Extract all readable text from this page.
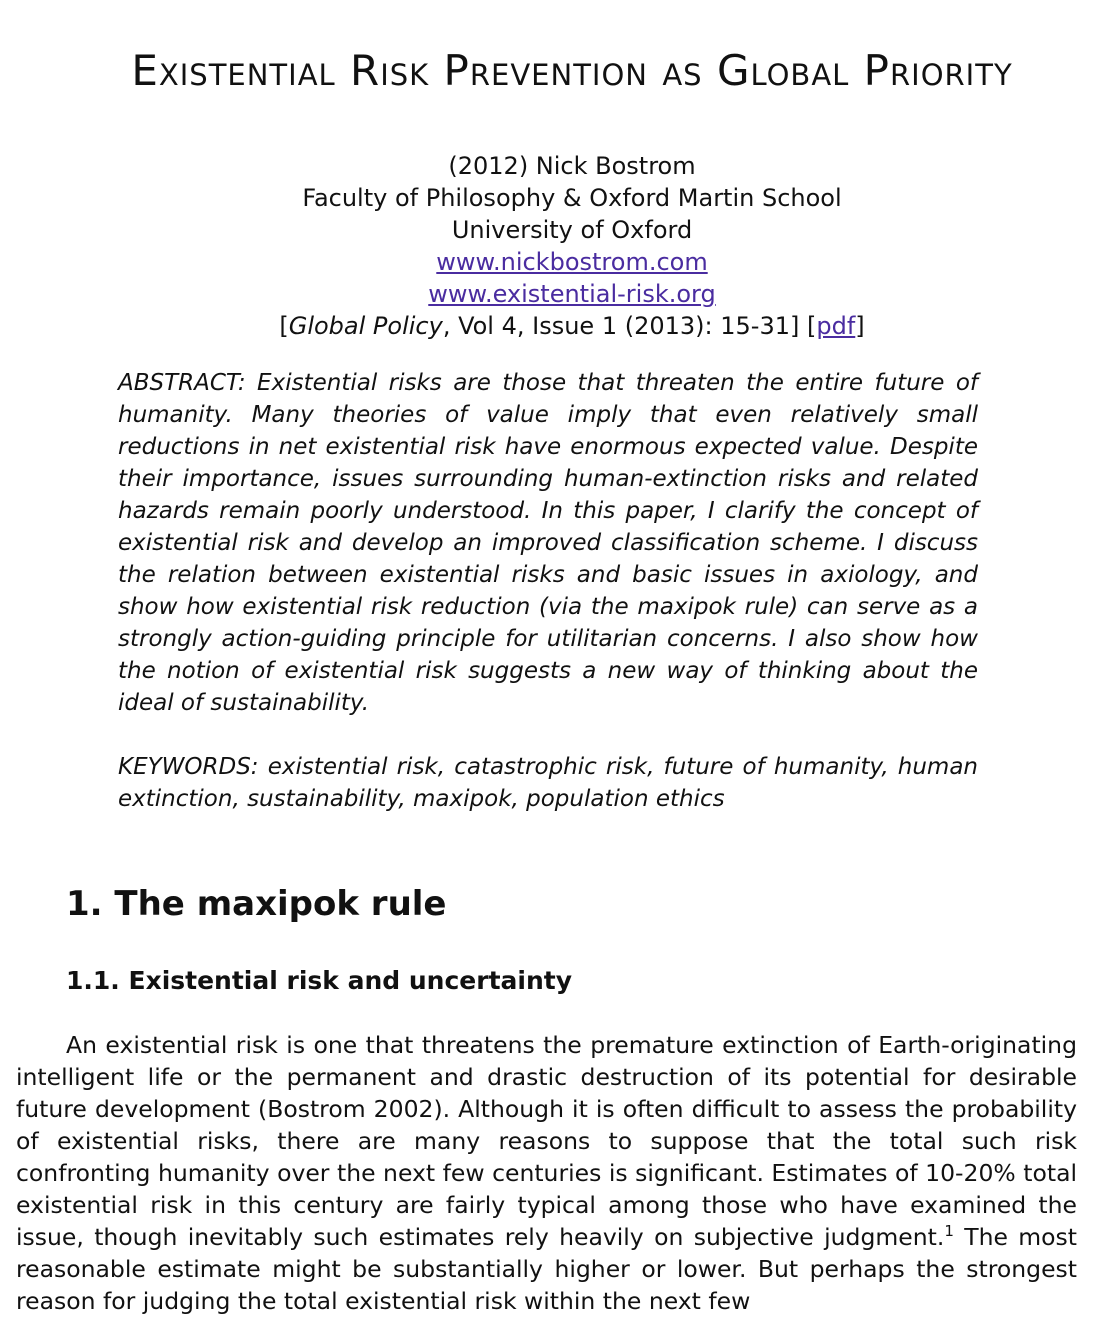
Existential Risk Prevention as Global Priority
(2012) Nick Bostrom
Faculty of Philosophy & Oxford Martin School
University of Oxford
www.nickbostrom.com
www.existential-risk.org
[Global Policy, Vol 4, Issue 1 (2013): 15-31] [pdf]

ABSTRACT: Existential risks are those that threaten the entire future of humanity. Many theories of value imply that even relatively small reductions in net existential risk have enormous expected value. Despite their importance, issues surrounding human-extinction risks and related hazards remain poorly understood. In this paper, I clarify the concept of existential risk and develop an improved classification scheme. I discuss the relation between existential risks and basic issues in axiology, and show how existential risk reduction (via the maxipok rule) can serve as a strongly action-guiding principle for utilitarian concerns. I also show how the notion of existential risk suggests a new way of thinking about the ideal of sustainability.

KEYWORDS: existential risk, catastrophic risk, future of humanity, human extinction, sustainability, maxipok, population ethics

1. The maxipok rule
1.1. Existential risk and uncertainty

An existential risk is one that threatens the premature extinction of Earth-originating intelligent life or the permanent and drastic destruction of its potential for desirable future development (Bostrom 2002). Although it is often difficult to assess the probability of existential risks, there are many reasons to suppose that the total such risk confronting humanity over the next few centuries is significant. Estimates of 10-20% total existential risk in this century are fairly typical among those who have examined the issue, though inevitably such estimates rely heavily on subjective judgment.$^1$ The most reasonable estimate might be substantially higher or lower. But perhaps the strongest reason for judging the total existential risk within the next few
